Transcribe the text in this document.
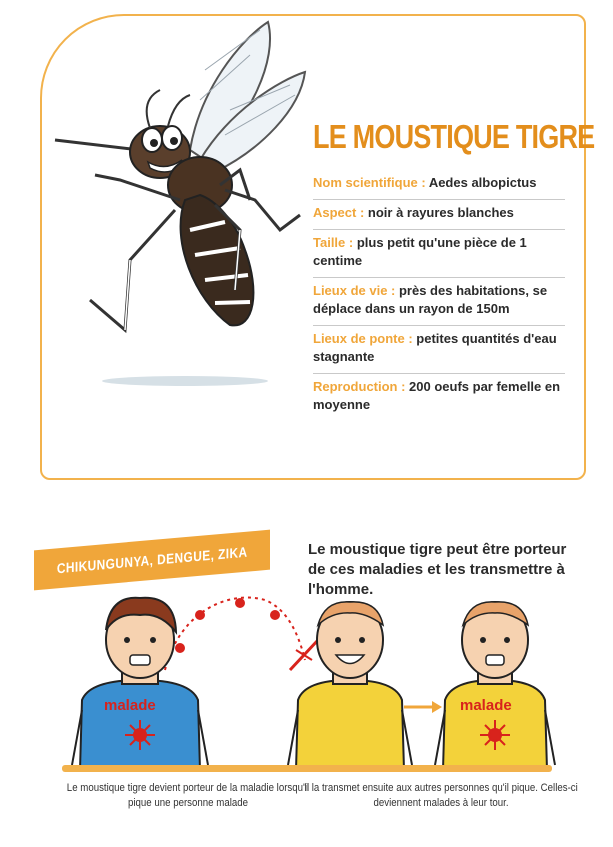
LE MOUSTIQUE TIGRE
Nom scientifique : Aedes albopictus
Aspect : noir à rayures blanches
Taille : plus petit qu'une pièce de 1 centime
Lieux de vie : près des habitations, se déplace dans un rayon de 150m
Lieux de ponte : petites quantités d'eau stagnante
Reproduction : 200 oeufs par femelle en moyenne
CHIKUNGUNYA, DENGUE, ZIKA	Le moustique tigre peut être porteur de ces maladies et les transmettre à l'homme.
malade	malade
Le moustique tigre devient porteur de la maladie lorsqu'il pique une personne malade
Il la transmet ensuite aux autres personnes qu'il pique. Celles-ci deviennent malades à leur tour.
